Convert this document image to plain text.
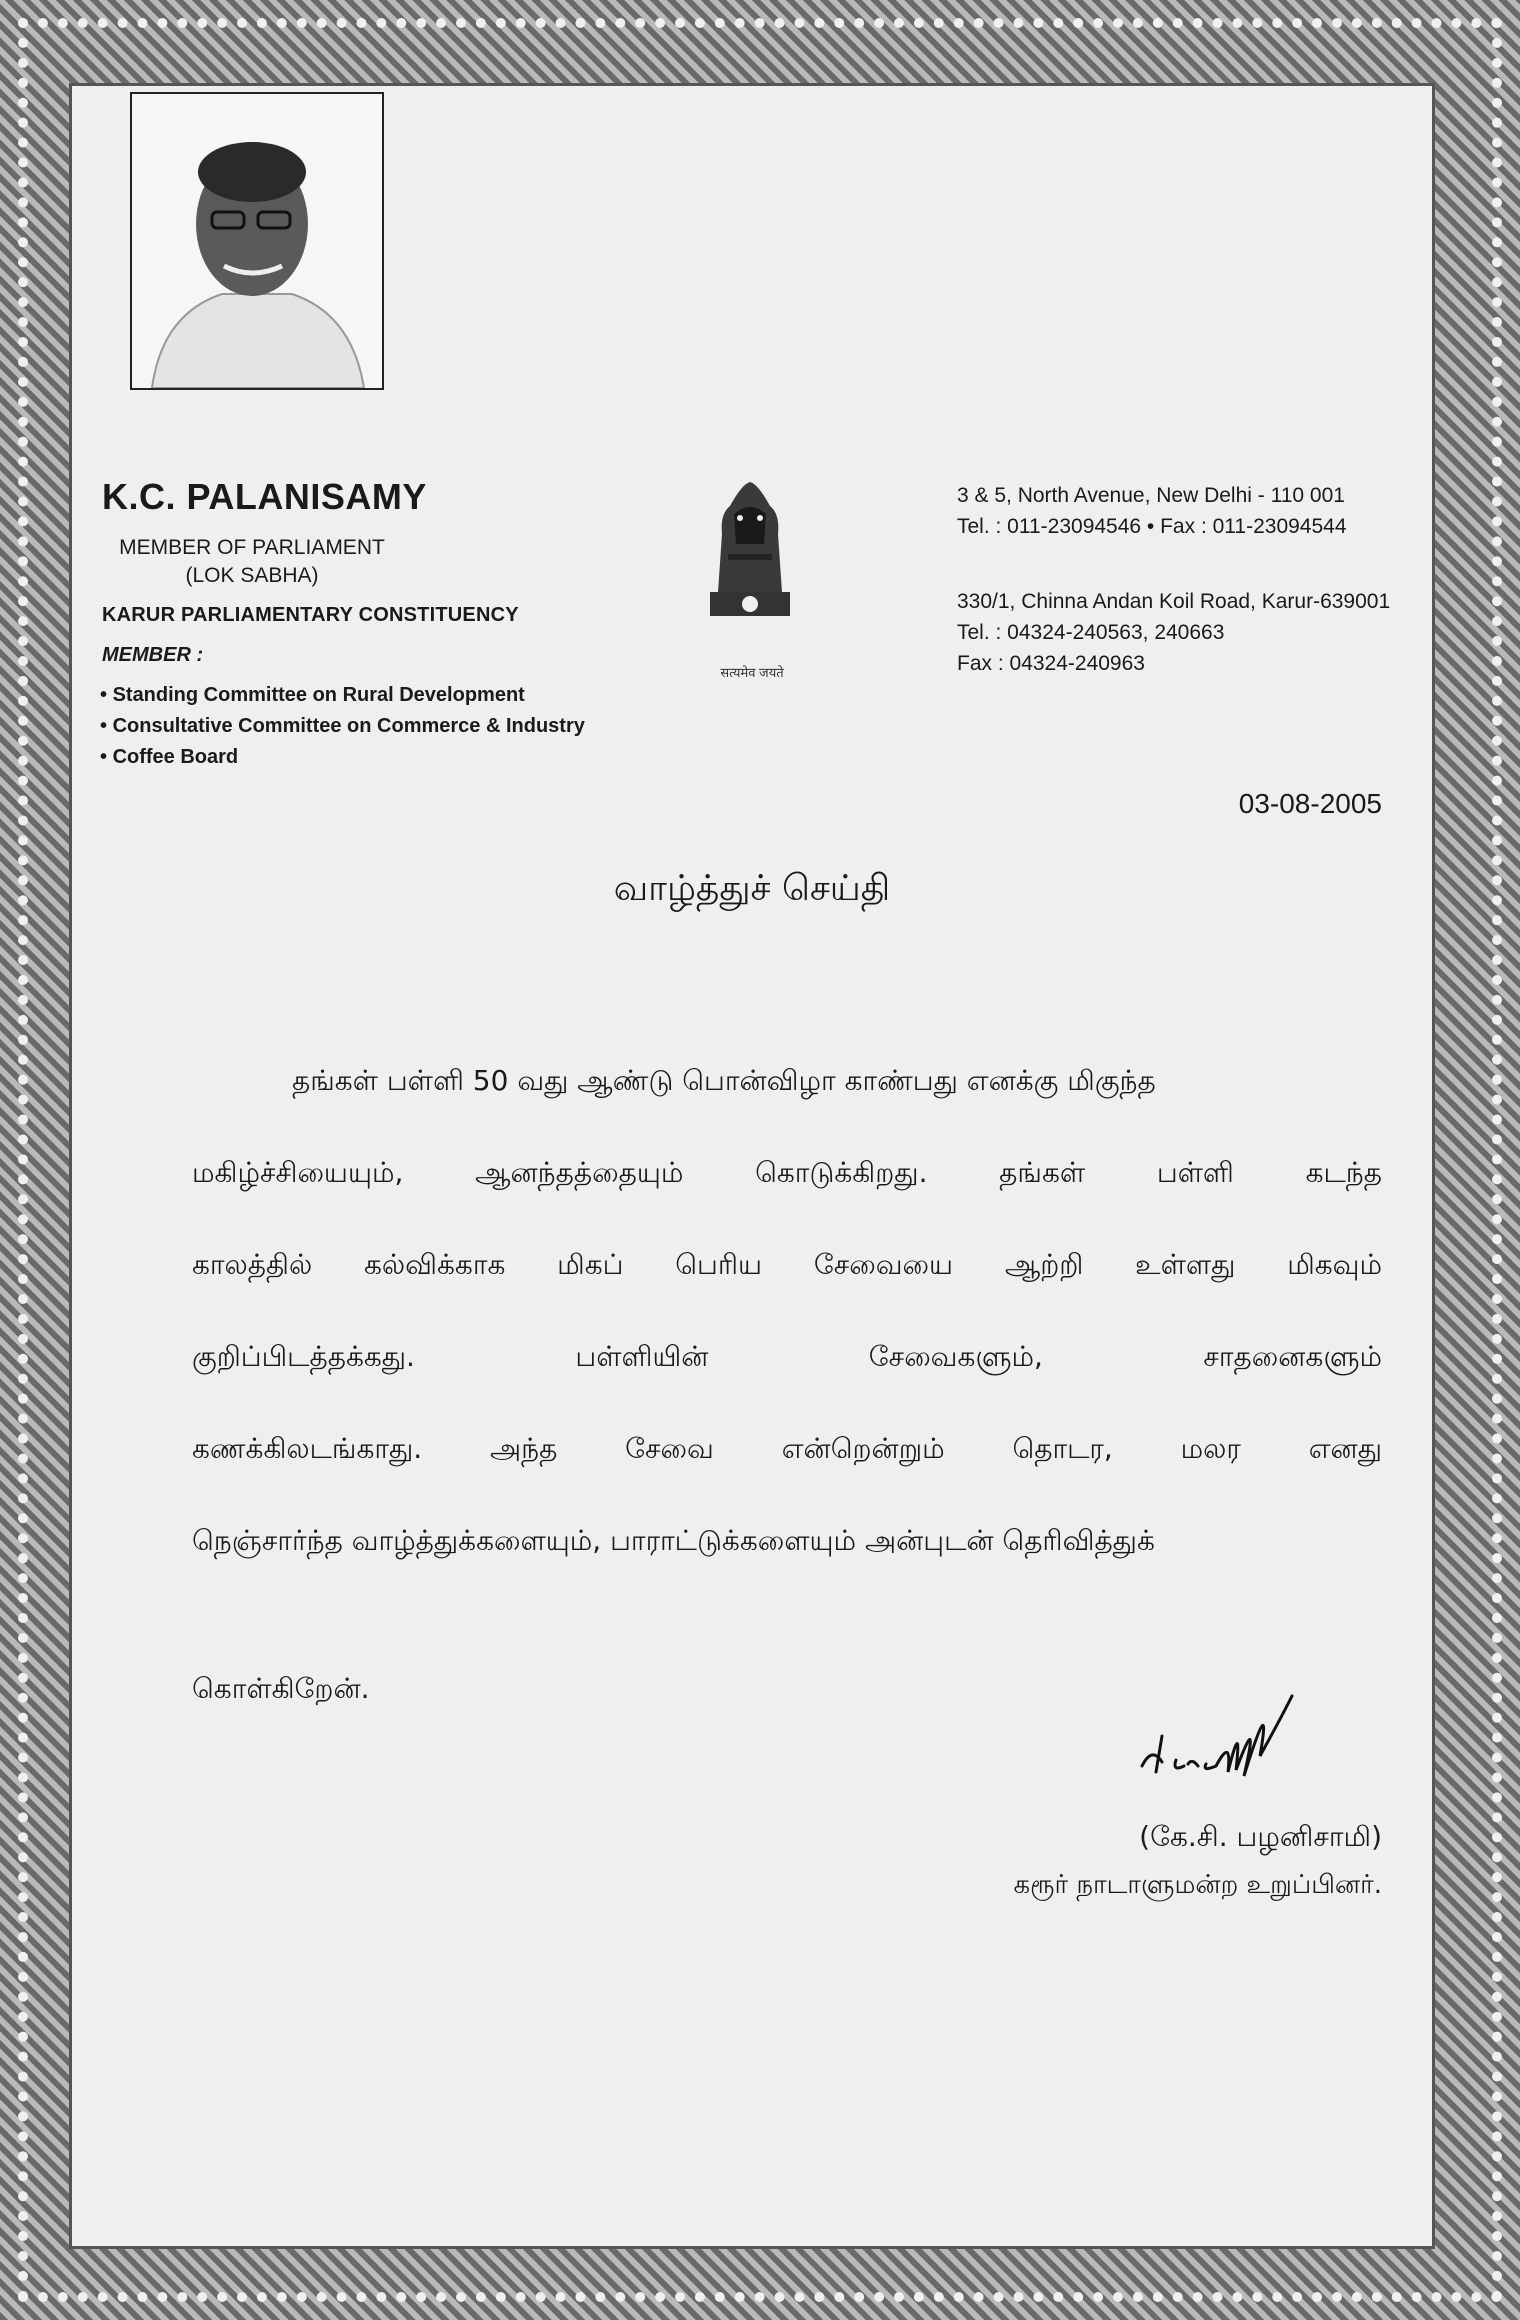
K.C. PALANISAMY
MEMBER OF PARLIAMENT
(LOK SABHA)
KARUR PARLIAMENTARY CONSTITUENCY
MEMBER :
• Standing Committee on Rural Development
• Consultative Committee on Commerce & Industry
• Coffee Board
सत्यमेव जयते
3 & 5, North Avenue, New Delhi - 110 001
Tel. : 011-23094546 • Fax : 011-23094544
330/1, Chinna Andan Koil Road, Karur-639001
Tel. : 04324-240563, 240663
Fax : 04324-240963
03-08-2005
வாழ்த்துச் செய்தி
தங்கள் பள்ளி 50 வது ஆண்டு பொன்விழா காண்பது எனக்கு மிகுந்த
மகிழ்ச்சியையும், ஆனந்தத்தையும் கொடுக்கிறது. தங்கள் பள்ளி கடந்த
காலத்தில் கல்விக்காக மிகப் பெரிய சேவையை ஆற்றி உள்ளது மிகவும்
குறிப்பிடத்தக்கது. பள்ளியின் சேவைகளும், சாதனைகளும்
கணக்கிலடங்காது. அந்த சேவை என்றென்றும் தொடர, மலர எனது
நெஞ்சார்ந்த வாழ்த்துக்களையும், பாராட்டுக்களையும் அன்புடன் தெரிவித்துக்
கொள்கிறேன்.
(கே.சி. பழனிசாமி)
கரூர் நாடாளுமன்ற உறுப்பினர்.
